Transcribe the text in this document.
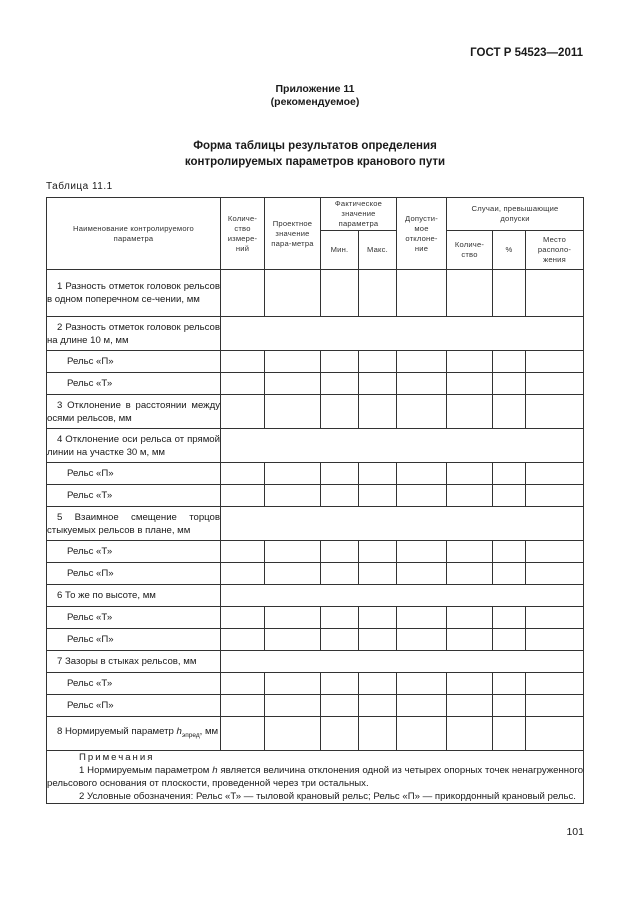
ГОСТ Р 54523—2011
Приложение 11
(рекомендуемое)
Форма таблицы результатов определения
контролируемых параметров кранового пути
Таблица 11.1
Наименование контролируемого параметра	Количе-ство измере-ний	Проектное значение пара-метра	Фактическое значение параметра		Допусти-мое отклоне-ние	Случаи, превышающие допуски		
			Мин.	Макс.		Количе-ство	%	Место располо-жения
1 Разность отметок головок рельсов в одном поперечном се-чении, мм								
2 Разность отметок головок рельсов на длине 10 м, мм								
Рельс «П»								
Рельс «Т»								
3 Отклонение в расстоянии между осями рельсов, мм								
4 Отклонение оси рельса от прямой линии на участке 30 м, мм								
Рельс «П»								
Рельс «Т»								
5 Взаимное смещение торцов стыкуемых рельсов в плане, мм								
Рельс «Т»								
Рельс «П»								
6 То же по высоте, мм								
Рельс «Т»								
Рельс «П»								
7 Зазоры в стыках рельсов, мм								
Рельс «Т»								
Рельс «П»								
8 Нормируемый параметр $h_{эпред}$, мм								

Примечания
1 Нормируемым параметром h является величина отклонения одной из четырех опорных точек ненагруженного рельсового основания от плоскости, проведенной через три остальных.
2 Условные обозначения: Рельс «Т» — тыловой крановый рельс; Рельс «П» — прикордонный крановый рельс.								
101
